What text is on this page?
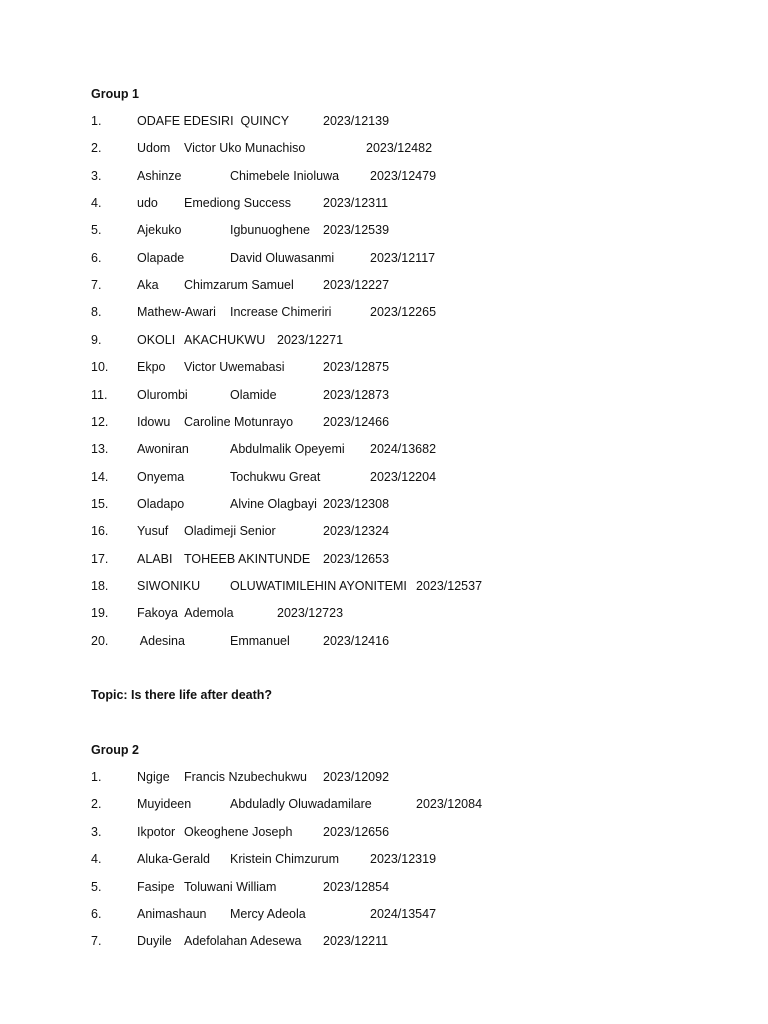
Group 1
1.	ODAFE EDESIRI  QUINCY	2023/12139
2.	Udom Victor Uko Munachiso	2023/12482
3.	Ashinze	Chimebele Inioluwa 2023/12479
4.	udo Emediong Success	2023/12311
5.	Ajekuko	Igbunuoghene 2023/12539
6.	Olapade	David Oluwasanmi	2023/12117
7.	Aka Chimzarum Samuel 2023/12227
8.	Mathew-Awari Increase Chimeriri	2023/12265
9.	OKOLI AKACHUKWU 2023/12271
10. Ekpo Victor Uwemabasi	2023/12875
11. Olurombi	Olamide	2023/12873
12. Idowu Caroline Motunrayo 2023/12466
13. Awoniran	Abdulmalik Opeyemi 2024/13682
14. Onyema	Tochukwu Great	2023/12204
15. Oladapo	Alvine Olagbayi 2023/12308
16. Yusuf Oladimeji Senior	2023/12324
17. ALABI TOHEEB AKINTUNDE 2023/12653
18. SIWONIKU OLUWATIMILEHIN AYONITEMI 2023/12537
19. Fakoya  Ademola	2023/12723
20. Adesina	Emmanuel	2023/12416
Topic: Is there life after death?
Group 2
1.	Ngige Francis Nzubechukwu 2023/12092
2.	Muyideen	Abduladly Oluwadamilare	2023/12084
3.	Ikpotor Okeoghene Joseph 2023/12656
4.	Aluka-Gerald Kristein Chimzurum 2023/12319
5.	Fasipe Toluwani William	2023/12854
6.	Animashaun Mercy Adeola	2024/13547
7.	Duyile Adefolahan Adesewa 2023/12211
